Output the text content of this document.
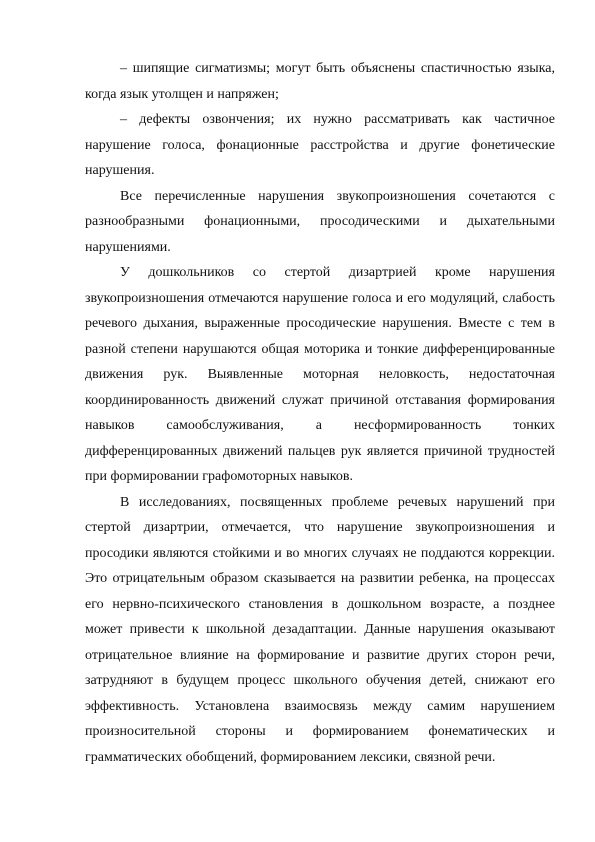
– шипящие сигматизмы; могут быть объяснены спастичностью языка, когда язык утолщен и напряжен;

– дефекты озвончения; их нужно рассматривать как частичное нарушение голоса, фонационные расстройства и другие фонетические нарушения.

Все перечисленные нарушения звукопроизношения сочетаются с разнообразными фонационными, просодическими и дыхательными нарушениями.

У дошкольников со стертой дизартрией кроме нарушения звукопроизношения отмечаются нарушение голоса и его модуляций, слабость речевого дыхания, выраженные просодические нарушения. Вместе с тем в разной степени нарушаются общая моторика и тонкие дифференцированные движения рук. Выявленные моторная неловкость, недостаточная координированность движений служат причиной отставания формирования навыков самообслуживания, а несформированность тонких дифференцированных движений пальцев рук является причиной трудностей при формировании графомоторных навыков.

В исследованиях, посвященных проблеме речевых нарушений при стертой дизартрии, отмечается, что нарушение звукопроизношения и просодики являются стойкими и во многих случаях не поддаются коррекции. Это отрицательным образом сказывается на развитии ребенка, на процессах его нервно-психического становления в дошкольном возрасте, а позднее может привести к школьной дезадаптации. Данные нарушения оказывают отрицательное влияние на формирование и развитие других сторон речи, затрудняют в будущем процесс школьного обучения детей, снижают его эффективность. Установлена взаимосвязь между самим нарушением произносительной стороны и формированием фонематических и грамматических обобщений, формированием лексики, связной речи.
